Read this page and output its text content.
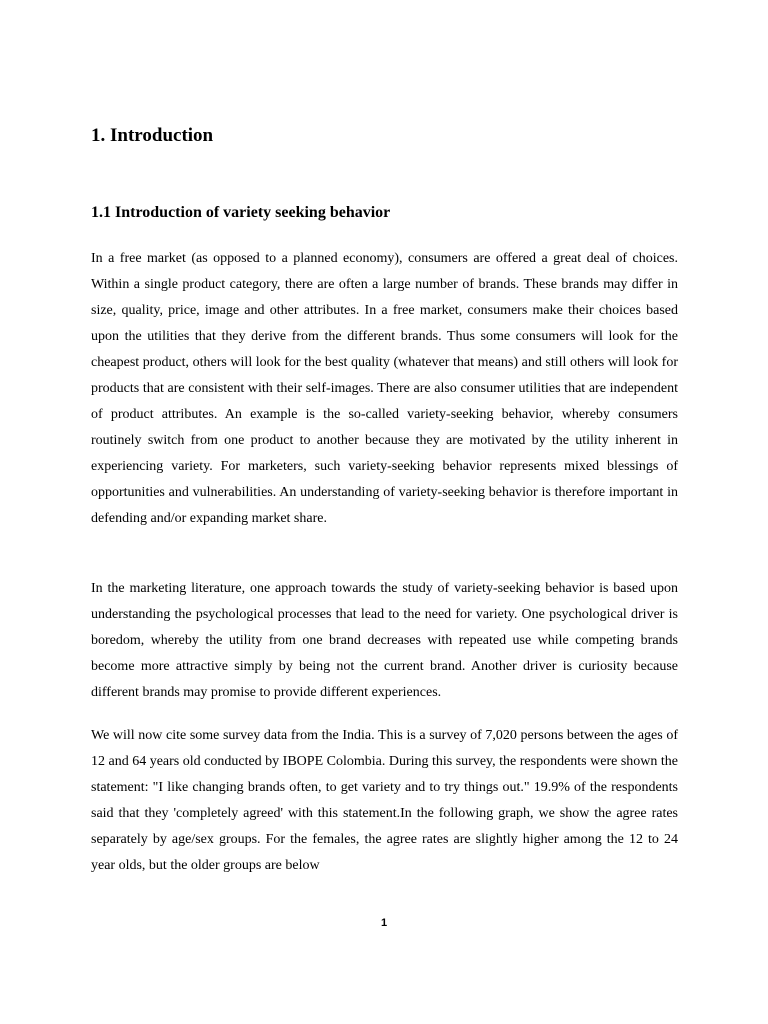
1. Introduction
1.1 Introduction of variety seeking behavior

In a free market (as opposed to a planned economy), consumers are offered a great deal of choices. Within a single product category, there are often a large number of brands. These brands may differ in size, quality, price, image and other attributes. In a free market, consumers make their choices based upon the utilities that they derive from the different brands. Thus some consumers will look for the cheapest product, others will look for the best quality (whatever that means) and still others will look for products that are consistent with their self-images. There are also consumer utilities that are independent of product attributes. An example is the so-called variety-seeking behavior, whereby consumers routinely switch from one product to another because they are motivated by the utility inherent in experiencing variety. For marketers, such variety-seeking behavior represents mixed blessings of opportunities and vulnerabilities. An understanding of variety-seeking behavior is therefore important in defending and/or expanding market share.

In the marketing literature, one approach towards the study of variety-seeking behavior is based upon understanding the psychological processes that lead to the need for variety. One psychological driver is boredom, whereby the utility from one brand decreases with repeated use while competing brands become more attractive simply by being not the current brand. Another driver is curiosity because different brands may promise to provide different experiences.

We will now cite some survey data from the India. This is a survey of 7,020 persons between the ages of 12 and 64 years old conducted by IBOPE Colombia. During this survey, the respondents were shown the statement: "I like changing brands often, to get variety and to try things out." 19.9% of the respondents said that they 'completely agreed' with this statement.In the following graph, we show the agree rates separately by age/sex groups. For the females, the agree rates are slightly higher among the 12 to 24 year olds, but the older groups are below

1
